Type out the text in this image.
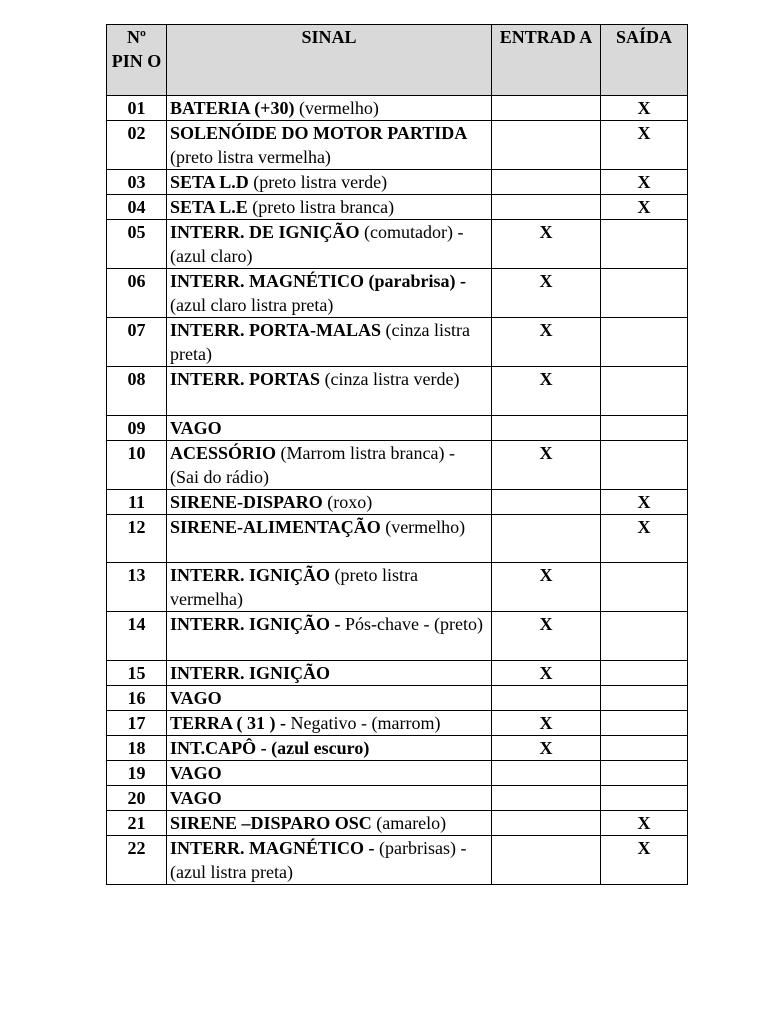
Nº PIN O	SINAL	ENTRAD A	SAÍDA
01	BATERIA (+30) (vermelho)		X
02	SOLENÓIDE DO MOTOR PARTIDA (preto listra vermelha)		X
03	SETA L.D (preto listra verde)		X
04	SETA L.E (preto listra branca)		X
05	INTERR. DE IGNIÇÃO (comutador) - (azul claro)	X	
06	INTERR. MAGNÉTICO (parabrisa) - (azul claro listra preta)	X	
07	INTERR. PORTA-MALAS (cinza listra preta)	X	
08	INTERR. PORTAS (cinza listra verde)	X	
09	VAGO		
10	ACESSÓRIO (Marrom listra branca) - (Sai do rádio)	X	
11	SIRENE-DISPARO (roxo)		X
12	SIRENE-ALIMENTAÇÃO (vermelho)		X
13	INTERR. IGNIÇÃO (preto listra vermelha)	X	
14	INTERR. IGNIÇÃO - Pós-chave - (preto)	X	
15	INTERR. IGNIÇÃO	X	
16	VAGO		
17	TERRA ( 31 ) - Negativo - (marrom)	X	
18	INT.CAPÔ - (azul escuro)	X	
19	VAGO		
20	VAGO		
21	SIRENE –DISPARO OSC (amarelo)		X
22	INTERR. MAGNÉTICO - (parbrisas) - (azul listra preta)		X
